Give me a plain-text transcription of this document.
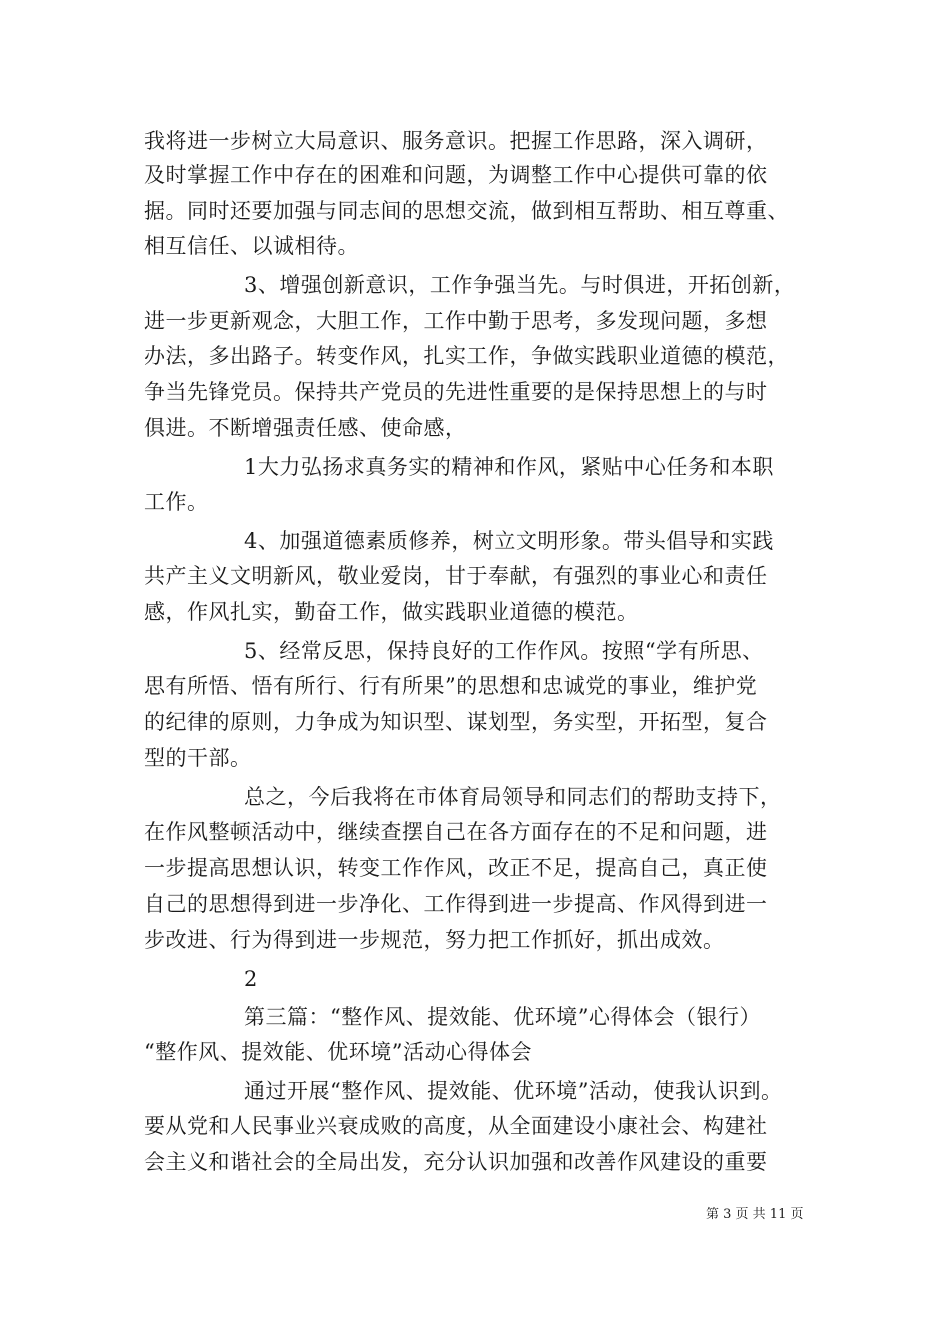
我将进一步树立大局意识、服务意识。把握工作思路，深入调研，
及时掌握工作中存在的困难和问题，为调整工作中心提供可靠的依
据。同时还要加强与同志间的思想交流，做到相互帮助、相互尊重、
相互信任、以诚相待。
3、增强创新意识，工作争强当先。与时俱进，开拓创新，
进一步更新观念，大胆工作，工作中勤于思考，多发现问题，多想
办法，多出路子。转变作风，扎实工作，争做实践职业道德的模范，
争当先锋党员。保持共产党员的先进性重要的是保持思想上的与时
俱进。不断增强责任感、使命感，
1大力弘扬求真务实的精神和作风，紧贴中心任务和本职
工作。
4、加强道德素质修养，树立文明形象。带头倡导和实践
共产主义文明新风，敬业爱岗，甘于奉献，有强烈的事业心和责任
感，作风扎实，勤奋工作，做实践职业道德的模范。
5、经常反思，保持良好的工作作风。按照“学有所思、
思有所悟、悟有所行、行有所果”的思想和忠诚党的事业，维护党
的纪律的原则，力争成为知识型、谋划型，务实型，开拓型，复合
型的干部。
总之，今后我将在市体育局领导和同志们的帮助支持下，
在作风整顿活动中，继续查摆自己在各方面存在的不足和问题，进
一步提高思想认识，转变工作作风，改正不足，提高自己，真正使
自己的思想得到进一步净化、工作得到进一步提高、作风得到进一
步改进、行为得到进一步规范，努力把工作抓好，抓出成效。
2
第三篇：“整作风、提效能、优环境”心得体会（银行）
“整作风、提效能、优环境”活动心得体会
通过开展“整作风、提效能、优环境”活动，使我认识到。
要从党和人民事业兴衰成败的高度，从全面建设小康社会、构建社
会主义和谐社会的全局出发，充分认识加强和改善作风建设的重要
第 3 页 共 11 页
